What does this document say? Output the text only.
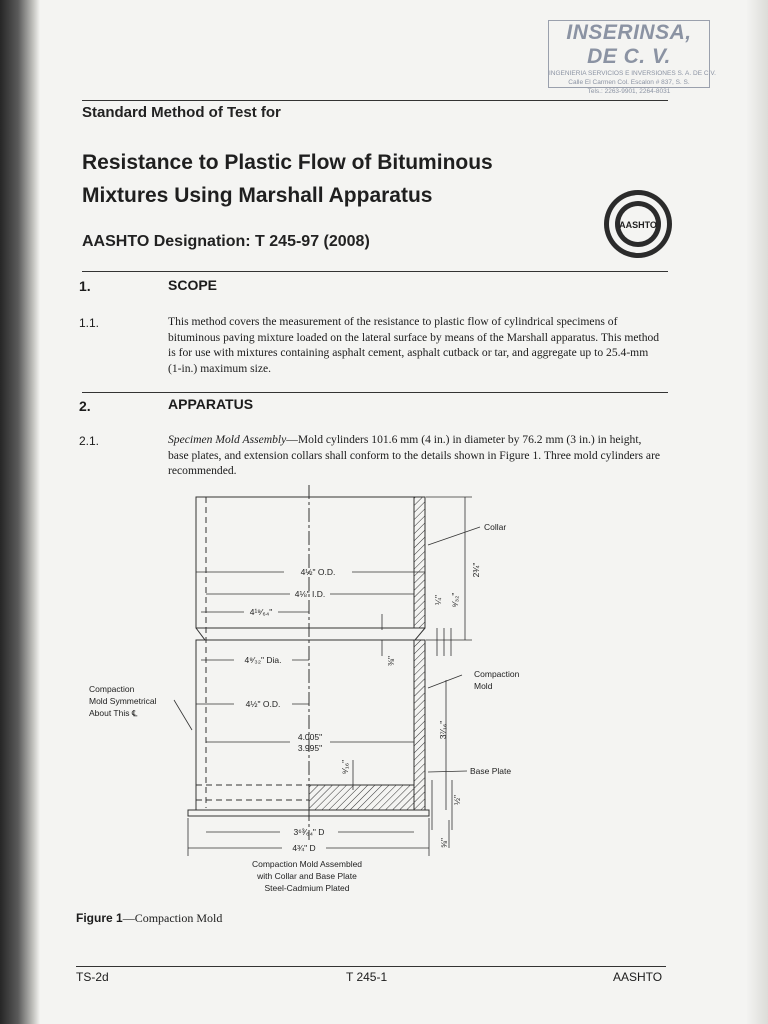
INSERINSA, DE C. V.
INGENIERIA SERVICIOS E INVERSIONES S. A. DE C.V.
Calle El Carmen Col. Escalon # 837, S. S.
Tels.: 2263-9901, 2264-8031
Standard Method of Test for
Resistance to Plastic Flow of Bituminous
Mixtures Using Marshall Apparatus
AASHTO Designation: T 245-97 (2008)
AASHTO
1914
1.	SCOPE
1.1.	This method covers the measurement of the resistance to plastic flow of cylindrical specimens of bituminous paving mixture loaded on the lateral surface by means of the Marshall apparatus. This method is for use with mixtures containing asphalt cement, asphalt cutback or tar, and aggregate up to 25.4-mm (1-in.) maximum size.
2.	APPARATUS
2.1.	Specimen Mold Assembly—Mold cylinders 101.6 mm (4 in.) in diameter by 76.2 mm (3 in.) in height, base plates, and extension collars shall conform to the details shown in Figure 1. Three mold cylinders are recommended.
4½" O.D.
4⅛" I.D.
4¹⁹⁄₆₄"
4⁹⁄₃₂" Dia.
4½" O.D.
4.005"
3.995"
3⁶³⁄₆₄" D
4¾" D
2¾"
¼" ⁹⁄₃₂"
⅜"
3⁷⁄₁₆"
⁹⁄₁₆"
½"
⅝"
Collar
Compaction
Mold
Base Plate
Compaction
Mold Symmetrical
About This ℄
Compaction Mold Assembled
with Collar and Base Plate
Steel-Cadmium Plated
Figure 1—Compaction Mold
TS-2d	T 245-1	AASHTO
